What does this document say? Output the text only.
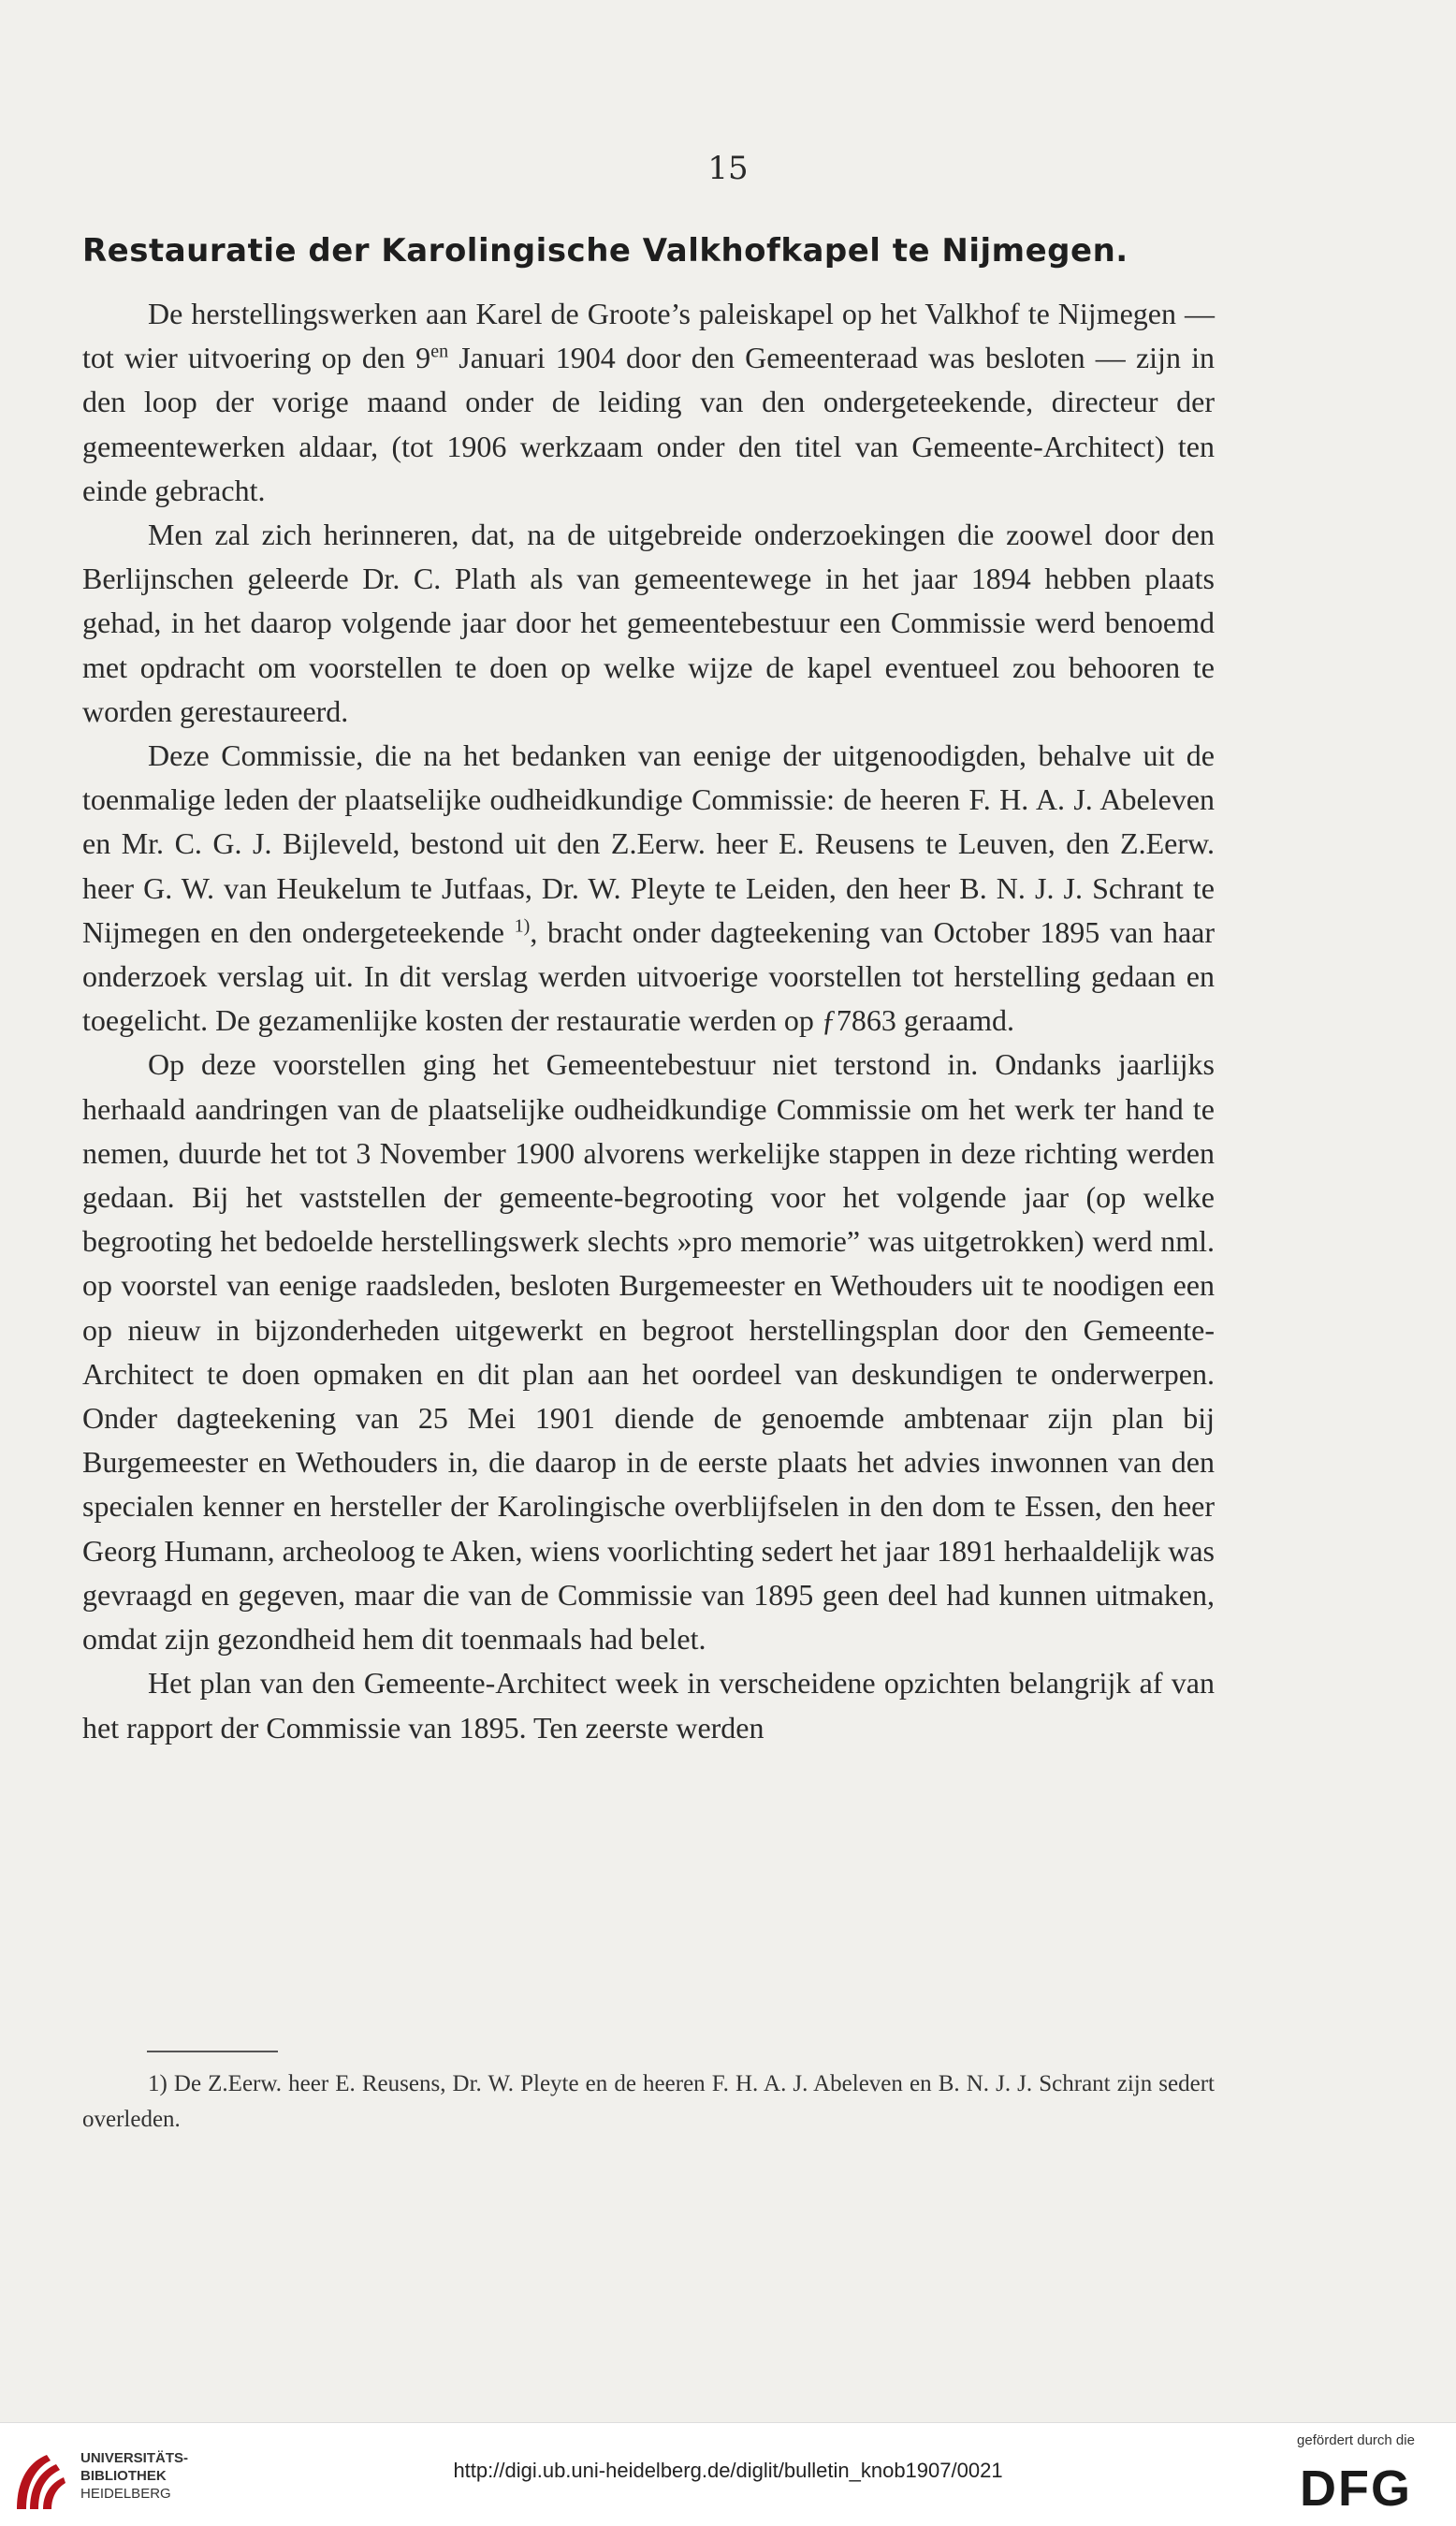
15
Restauratie der Karolingische Valkhofkapel te Nijmegen.

De herstellingswerken aan Karel de Groote’s paleiskapel op het Valkhof te Nijmegen — tot wier uitvoering op den $9^{en}$ Januari 1904 door den Gemeenteraad was besloten — zijn in den loop der vorige maand onder de leiding van den ondergeteekende, directeur der gemeentewerken aldaar, (tot 1906 werkzaam onder den titel van Gemeente-Architect) ten einde gebracht.

Men zal zich herinneren, dat, na de uitgebreide onderzoekingen die zoowel door den Berlijnschen geleerde Dr. C. Plath als van gemeentewege in het jaar 1894 hebben plaats gehad, in het daarop volgende jaar door het gemeentebestuur een Commissie werd benoemd met opdracht om voorstellen te doen op welke wijze de kapel eventueel zou behooren te worden gerestaureerd.

Deze Commissie, die na het bedanken van eenige der uitgenoodigden, behalve uit de toenmalige leden der plaatselijke oudheidkundige Commissie: de heeren F. H. A. J. Abeleven en Mr. C. G. J. Bijleveld, bestond uit den Z.Eerw. heer E. Reusens te Leuven, den Z.Eerw. heer G. W. van Heukelum te Jutfaas, Dr. W. Pleyte te Leiden, den heer B. N. J. J. Schrant te Nijmegen en den ondergeteekende $^{1)}$, bracht onder dagteekening van October 1895 van haar onderzoek verslag uit. In dit verslag werden uitvoerige voorstellen tot herstelling gedaan en toegelicht. De gezamenlijke kosten der restauratie werden op ƒ7863 geraamd.

Op deze voorstellen ging het Gemeentebestuur niet terstond in. Ondanks jaarlijks herhaald aandringen van de plaatselijke oudheidkundige Commissie om het werk ter hand te nemen, duurde het tot 3 November 1900 alvorens werkelijke stappen in deze richting werden gedaan. Bij het vaststellen der gemeente-begrooting voor het volgende jaar (op welke begrooting het bedoelde herstellingswerk slechts »pro memorie” was uitgetrokken) werd nml. op voorstel van eenige raadsleden, besloten Burgemeester en Wethouders uit te noodigen een op nieuw in bijzonderheden uitgewerkt en begroot herstellingsplan door den Gemeente-Architect te doen opmaken en dit plan aan het oordeel van deskundigen te onderwerpen. Onder dagteekening van 25 Mei 1901 diende de genoemde ambtenaar zijn plan bij Burgemeester en Wethouders in, die daarop in de eerste plaats het advies inwonnen van den specialen kenner en hersteller der Karolingische overblijfselen in den dom te Essen, den heer Georg Humann, archeoloog te Aken, wiens voorlichting sedert het jaar 1891 herhaaldelijk was gevraagd en gegeven, maar die van de Commissie van 1895 geen deel had kunnen uitmaken, omdat zijn gezondheid hem dit toenmaals had belet.

Het plan van den Gemeente-Architect week in verscheidene opzichten belangrijk af van het rapport der Commissie van 1895. Ten zeerste werden

1) De Z.Eerw. heer E. Reusens, Dr. W. Pleyte en de heeren F. H. A. J. Abeleven en B. N. J. J. Schrant zijn sedert overleden.

UNIVERSITÄTS-
BIBLIOTHEK
HEIDELBERG
http://digi.ub.uni-heidelberg.de/diglit/bulletin_knob1907/0021
gefördert durch die
DFG
